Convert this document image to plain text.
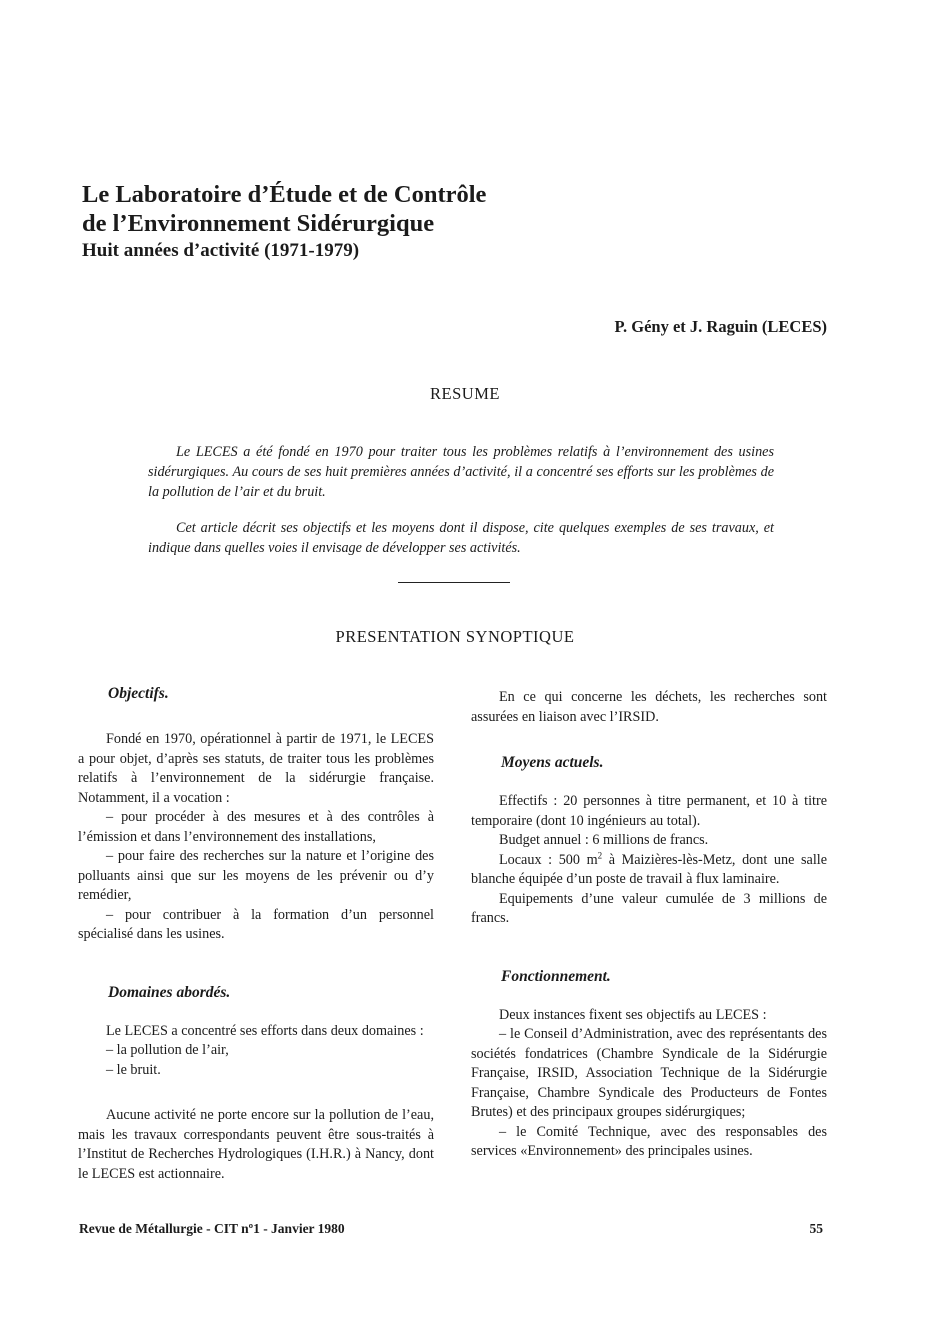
Le Laboratoire d’Étude et de Contrôle
de l’Environnement Sidérurgique
Huit années d’activité (1971-1979)
P. Gény et J. Raguin (LECES)
RESUME

Le LECES a été fondé en 1970 pour traiter tous les problèmes relatifs à l’environnement des usines sidérurgiques. Au cours de ses huit premières années d’activité, il a concentré ses efforts sur les problèmes de la pollution de l’air et du bruit.

Cet article décrit ses objectifs et les moyens dont il dispose, cite quelques exemples de ses travaux, et indique dans quelles voies il envisage de développer ses activités.

PRESENTATION SYNOPTIQUE
Objectifs.

Fondé en 1970, opérationnel à partir de 1971, le LECES a pour objet, d’après ses statuts, de traiter tous les problèmes relatifs à l’environnement de la sidérurgie française. Notamment, il a vocation :

– pour procéder à des mesures et à des contrôles à l’émission et dans l’environnement des installations,

– pour faire des recherches sur la nature et l’origine des polluants ainsi que sur les moyens de les prévenir ou d’y remédier,

– pour contribuer à la formation d’un personnel spécialisé dans les usines.

Domaines abordés.

Le LECES a concentré ses efforts dans deux domaines :

– la pollution de l’air,

– le bruit.

Aucune activité ne porte encore sur la pollution de l’eau, mais les travaux correspondants peuvent être sous-traités à l’Institut de Recherches Hydrologiques (I.H.R.) à Nancy, dont le LECES est actionnaire.

En ce qui concerne les déchets, les recherches sont assurées en liaison avec l’IRSID.

Moyens actuels.

Effectifs : 20 personnes à titre permanent, et 10 à titre temporaire (dont 10 ingénieurs au total).

Budget annuel : 6 millions de francs.

Locaux : 500 $m^2$ à Maizières-lès-Metz, dont une salle blanche équipée d’un poste de travail à flux laminaire.

Equipements d’une valeur cumulée de 3 millions de francs.

Fonctionnement.

Deux instances fixent ses objectifs au LECES :

– le Conseil d’Administration, avec des représentants des sociétés fondatrices (Chambre Syndicale de la Sidérurgie Française, IRSID, Association Technique de la Sidérurgie Française, Chambre Syndicale des Producteurs de Fontes Brutes) et des principaux groupes sidérurgiques;

– le Comité Technique, avec des responsables des services «Environnement» des principales usines.

Revue de Métallurgie - CIT nº1 - Janvier 1980	55
